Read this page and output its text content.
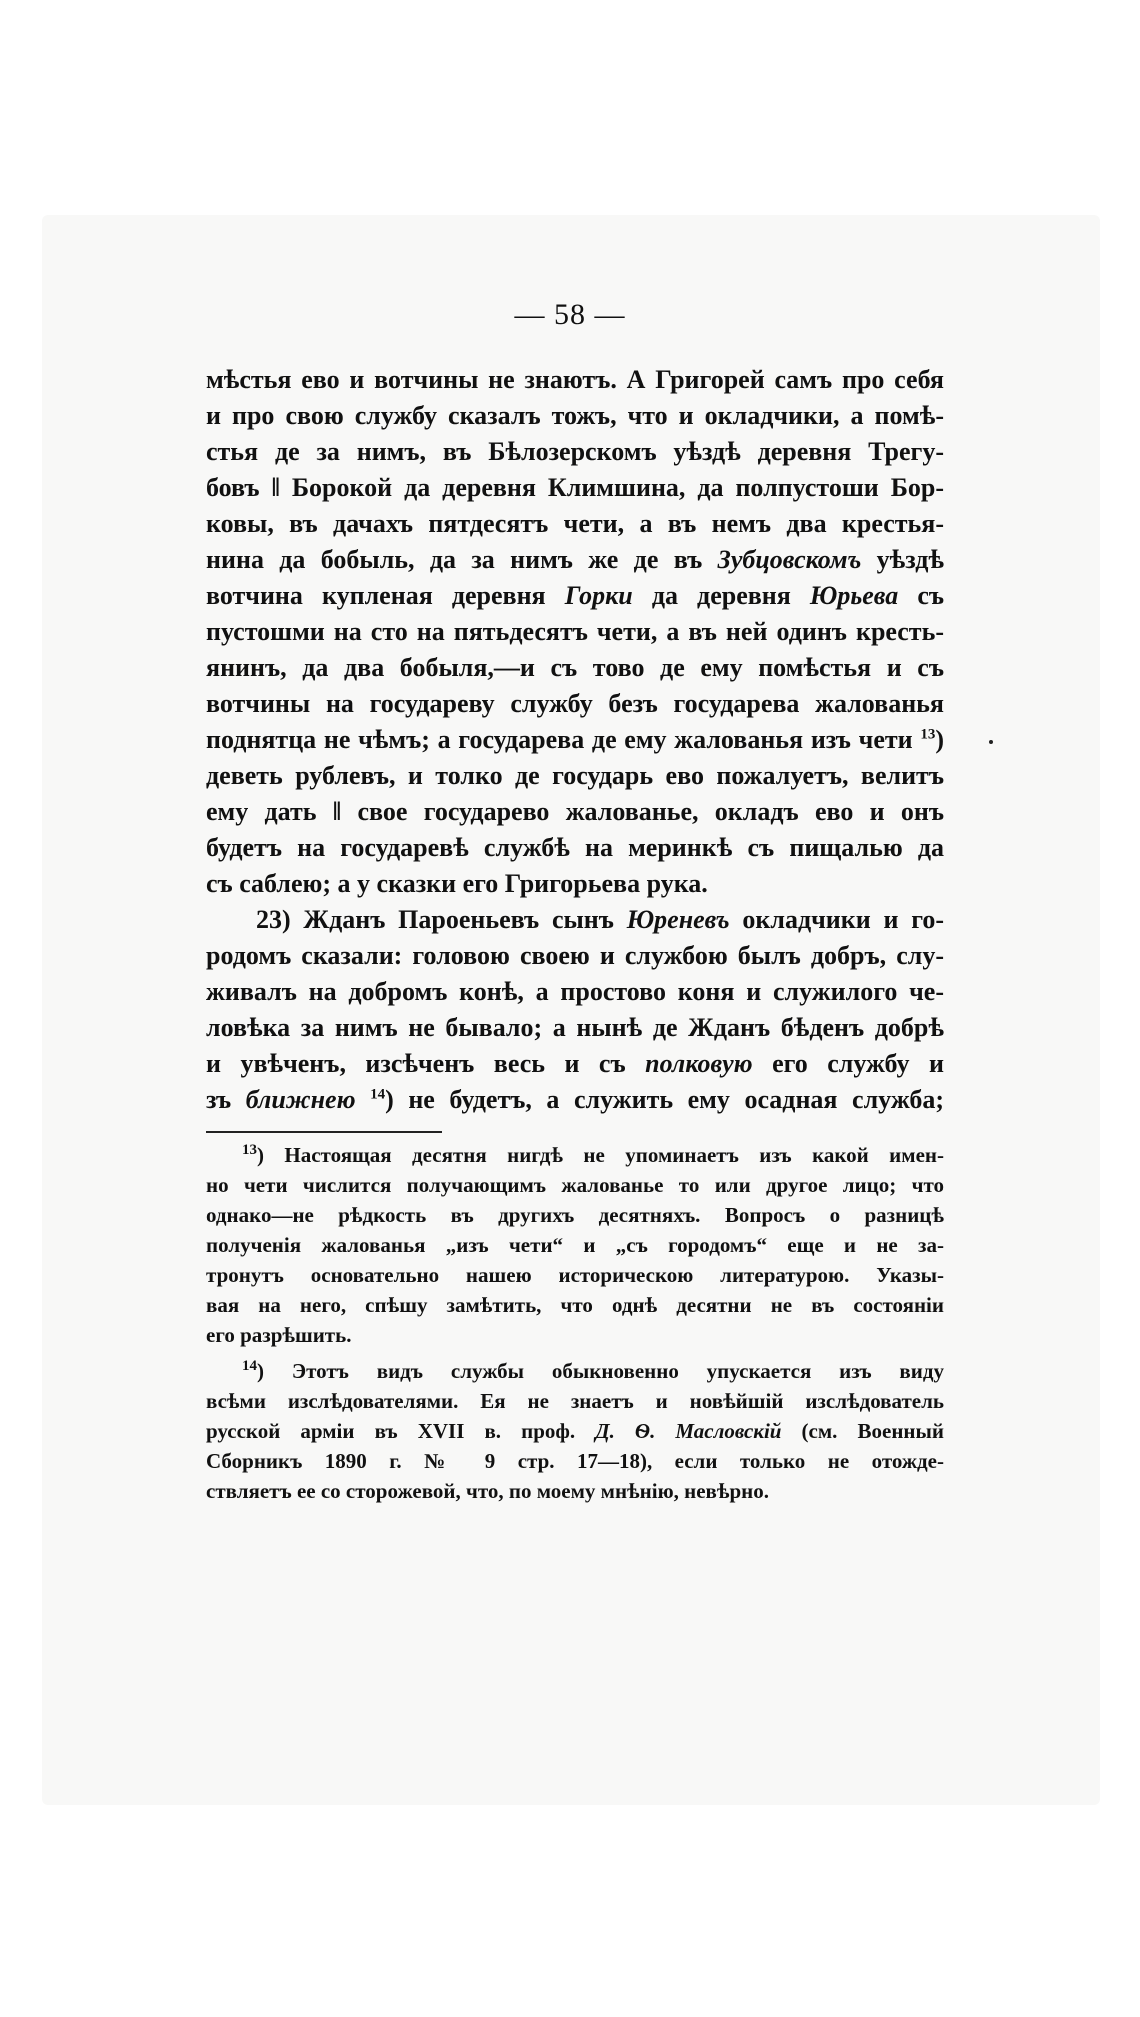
— 58 —
мѣстья ево и вотчины не знаютъ. А Григорей самъ про себя
и про свою службу сказалъ тожъ, что и окладчики, а помѣ-
стья де за нимъ, въ Бѣлозерскомъ уѣздѣ деревня Трегу-
бовъ ‖ Борокой да деревня Климшина, да полпустоши Бор-
ковы, въ дачахъ пятдесятъ чети, а въ немъ два крестья-
нина да бобыль, да за нимъ же де въ Зубцовскомъ уѣздѣ
вотчина купленая деревня Горки да деревня Юрьева съ
пустошми на сто на пятьдесятъ чети, а въ ней одинъ кресть-
янинъ, да два бобыля,—и съ тово де ему помѣстья и съ
вотчины на государеву службу безъ государева жалованья
поднятца не чѣмъ; а государева де ему жалованья изъ чети $^{13}$)
деветь рублевъ, и толко де государь ево пожалуетъ, велитъ
ему дать ‖ свое государево жалованье, окладъ ево и онъ
будетъ на государевѣ службѣ на меринкѣ съ пищалью да
съ саблею; а у сказки его Григорьева рука.
23) Жданъ Пароеньевъ сынъ Юреневъ окладчики и го-
родомъ сказали: головою своею и службою былъ добръ, слу-
живалъ на добромъ конѣ, а простово коня и служилого че-
ловѣка за нимъ не бывало; а нынѣ де Жданъ бѣденъ добрѣ
и увѣченъ, изсѣченъ весь и съ полковую его службу и
зъ ближнею $^{14}$) не будетъ, а служить ему осадная служба;
$^{13}$) Настоящая десятня нигдѣ не упоминаетъ изъ какой имен-
но чети числится получающимъ жалованье то или другое лицо; что
однако—не рѣдкость въ другихъ десятняхъ. Вопросъ о разницѣ
полученія жалованья „изъ чети“ и „съ городомъ“ еще и не за-
тронутъ основательно нашею историческою литературою. Указы-
вая на него, спѣшу замѣтить, что однѣ десятни не въ состояніи
его разрѣшить.
$^{14}$) Этотъ видъ службы обыкновенно упускается изъ виду
всѣми изслѣдователями. Ея не знаетъ и новѣйшій изслѣдователь
русской арміи въ XVII в. проф. Д. Ѳ. Масловскій (см. Военный
Сборникъ 1890 г. № 9 стр. 17—18), если только не отожде-
ствляетъ ее со сторожевой, что, по моему мнѣнію, невѣрно.
